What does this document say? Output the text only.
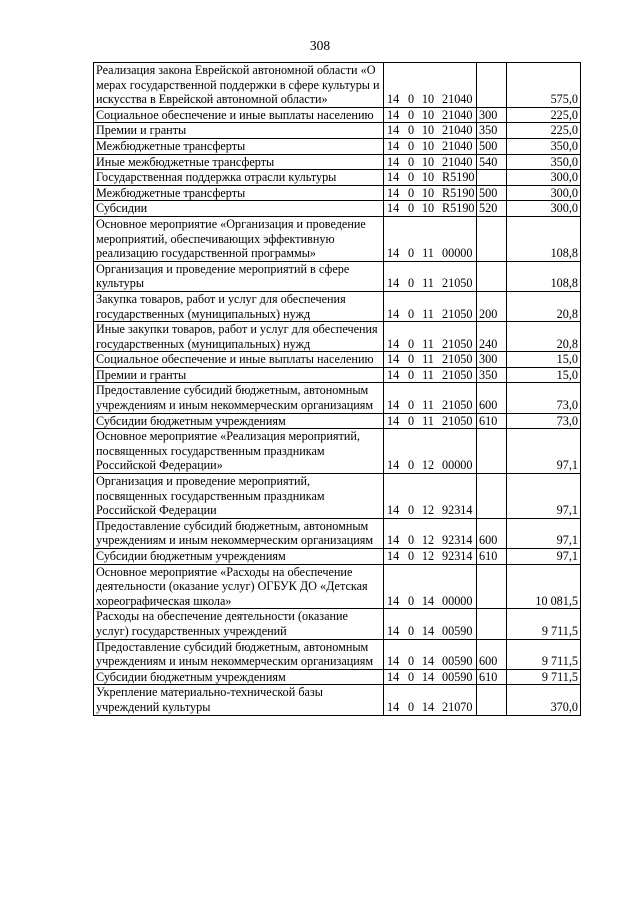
308
Реализация закона Еврейской автономной области «О мерах государственной поддержки в сфере культуры и искусства в Еврейской автономной области»	14 0 10 21040		575,0
Социальное обеспечение и иные выплаты населению	14 0 10 21040	300	225,0
Премии и гранты	14 0 10 21040	350	225,0
Межбюджетные трансферты	14 0 10 21040	500	350,0
Иные межбюджетные трансферты	14 0 10 21040	540	350,0
Государственная поддержка отрасли культуры	14 0 10 R5190		300,0
Межбюджетные трансферты	14 0 10 R5190	500	300,0
Субсидии	14 0 10 R5190	520	300,0
Основное мероприятие «Организация и проведение мероприятий, обеспечивающих эффективную реализацию государственной программы»	14 0 11 00000		108,8
Организация и проведение мероприятий в сфере культуры	14 0 11 21050		108,8
Закупка товаров, работ и услуг для обеспечения государственных (муниципальных) нужд	14 0 11 21050	200	20,8
Иные закупки товаров, работ и услуг для обеспечения государственных (муниципальных) нужд	14 0 11 21050	240	20,8
Социальное обеспечение и иные выплаты населению	14 0 11 21050	300	15,0
Премии и гранты	14 0 11 21050	350	15,0
Предоставление субсидий бюджетным, автономным учреждениям и иным некоммерческим организациям	14 0 11 21050	600	73,0
Субсидии бюджетным учреждениям	14 0 11 21050	610	73,0
Основное мероприятие «Реализация мероприятий, посвященных государственным праздникам Российской Федерации»	14 0 12 00000		97,1
Организация и проведение мероприятий, посвященных государственным праздникам Российской Федерации	14 0 12 92314		97,1
Предоставление субсидий бюджетным, автономным учреждениям и иным некоммерческим организациям	14 0 12 92314	600	97,1
Субсидии бюджетным учреждениям	14 0 12 92314	610	97,1
Основное мероприятие «Расходы на обеспечение деятельности (оказание услуг) ОГБУК ДО «Детская хореографическая школа»	14 0 14 00000		10 081,5
Расходы на обеспечение деятельности (оказание услуг) государственных учреждений	14 0 14 00590		9 711,5
Предоставление субсидий бюджетным, автономным учреждениям и иным некоммерческим организациям	14 0 14 00590	600	9 711,5
Субсидии бюджетным учреждениям	14 0 14 00590	610	9 711,5
Укрепление материально-технической базы учреждений культуры	14 0 14 21070		370,0
